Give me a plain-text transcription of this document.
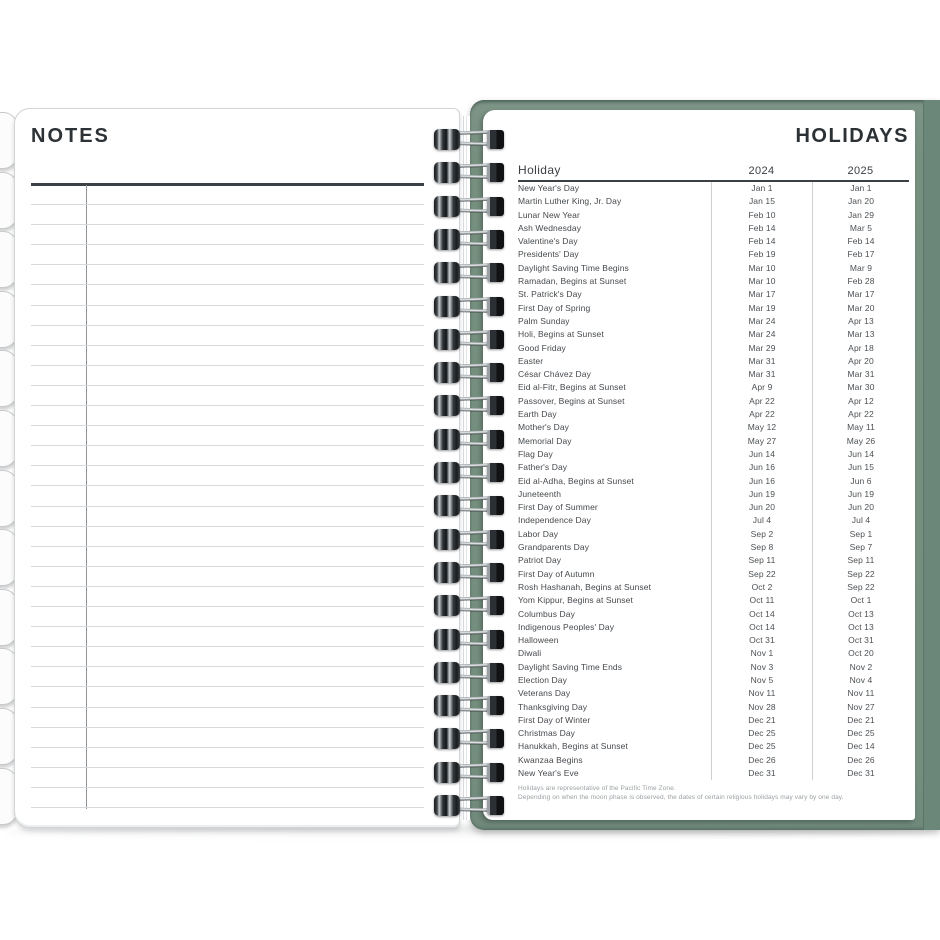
NOTES	HOLIDAYS
Holiday	2024	2025
New Year's Day	Jan 1	Jan 1
Martin Luther King, Jr. Day	Jan 15	Jan 20
Lunar New Year	Feb 10	Jan 29
Ash Wednesday	Feb 14	Mar 5
Valentine's Day	Feb 14	Feb 14
Presidents' Day	Feb 19	Feb 17
Daylight Saving Time Begins	Mar 10	Mar 9
Ramadan, Begins at Sunset	Mar 10	Feb 28
St. Patrick's Day	Mar 17	Mar 17
First Day of Spring	Mar 19	Mar 20
Palm Sunday	Mar 24	Apr 13
Holi, Begins at Sunset	Mar 24	Mar 13
Good Friday	Mar 29	Apr 18
Easter	Mar 31	Apr 20
César Chávez Day	Mar 31	Mar 31
Eid al-Fitr, Begins at Sunset	Apr 9	Mar 30
Passover, Begins at Sunset	Apr 22	Apr 12
Earth Day	Apr 22	Apr 22
Mother's Day	May 12	May 11
Memorial Day	May 27	May 26
Flag Day	Jun 14	Jun 14
Father's Day	Jun 16	Jun 15
Eid al-Adha, Begins at Sunset	Jun 16	Jun 6
Juneteenth	Jun 19	Jun 19
First Day of Summer	Jun 20	Jun 20
Independence Day	Jul 4	Jul 4
Labor Day	Sep 2	Sep 1
Grandparents Day	Sep 8	Sep 7
Patriot Day	Sep 11	Sep 11
First Day of Autumn	Sep 22	Sep 22
Rosh Hashanah, Begins at Sunset	Oct 2	Sep 22
Yom Kippur, Begins at Sunset	Oct 11	Oct 1
Columbus Day	Oct 14	Oct 13
Indigenous Peoples' Day	Oct 14	Oct 13
Halloween	Oct 31	Oct 31
Diwali	Nov 1	Oct 20
Daylight Saving Time Ends	Nov 3	Nov 2
Election Day	Nov 5	Nov 4
Veterans Day	Nov 11	Nov 11
Thanksgiving Day	Nov 28	Nov 27
First Day of Winter	Dec 21	Dec 21
Christmas Day	Dec 25	Dec 25
Hanukkah, Begins at Sunset	Dec 25	Dec 14
Kwanzaa Begins	Dec 26	Dec 26
New Year's Eve	Dec 31	Dec 31
Holidays are representative of the Pacific Time Zone.
Depending on when the moon phase is observed, the dates of certain religious holidays may vary by one day.
